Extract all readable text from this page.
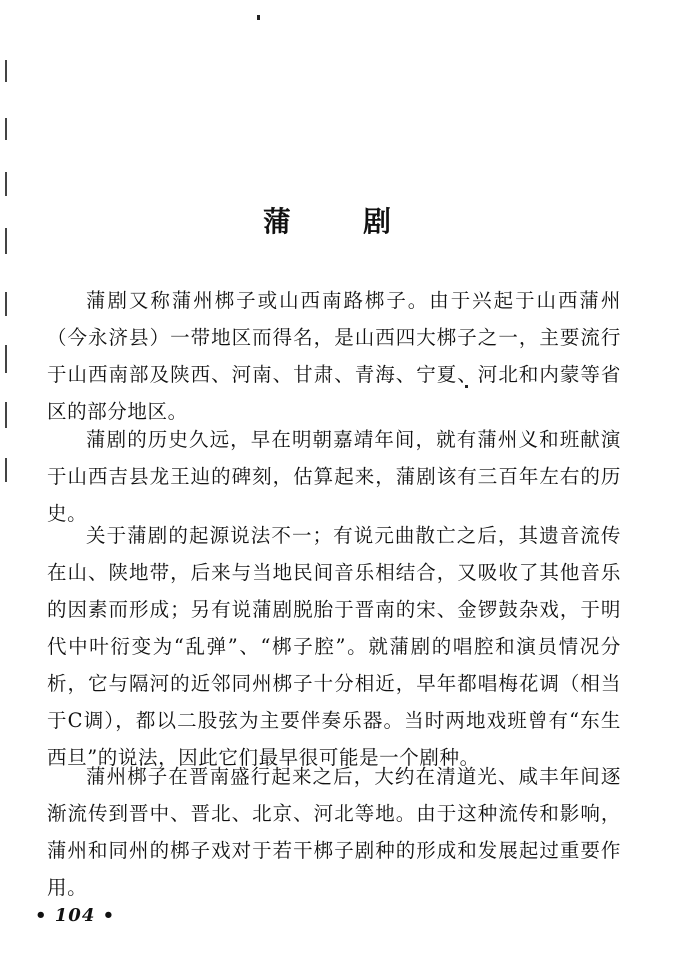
蒲 剧

蒲剧又称蒲州梆子或山西南路梆子。由于兴起于山西蒲州（今永济县）一带地区而得名，是山西四大梆子之一，主要流行于山西南部及陕西、河南、甘肃、青海、宁夏、河北和内蒙等省区的部分地区。

蒲剧的历史久远，早在明朝嘉靖年间，就有蒲州义和班献演于山西吉县龙王辿的碑刻，估算起来，蒲剧该有三百年左右的历史。

关于蒲剧的起源说法不一；有说元曲散亡之后，其遗音流传在山、陕地带，后来与当地民间音乐相结合，又吸收了其他音乐的因素而形成；另有说蒲剧脱胎于晋南的宋、金锣鼓杂戏，于明代中叶衍变为“乱弹”、“梆子腔”。就蒲剧的唱腔和演员情况分析，它与隔河的近邻同州梆子十分相近，早年都唱梅花调（相当于C调），都以二股弦为主要伴奏乐器。当时两地戏班曾有“东生西旦”的说法，因此它们最早很可能是一个剧种。

蒲州梆子在晋南盛行起来之后，大约在清道光、咸丰年间逐渐流传到晋中、晋北、北京、河北等地。由于这种流传和影响，蒲州和同州的梆子戏对于若干梆子剧种的形成和发展起过重要作用。

• 104 •
